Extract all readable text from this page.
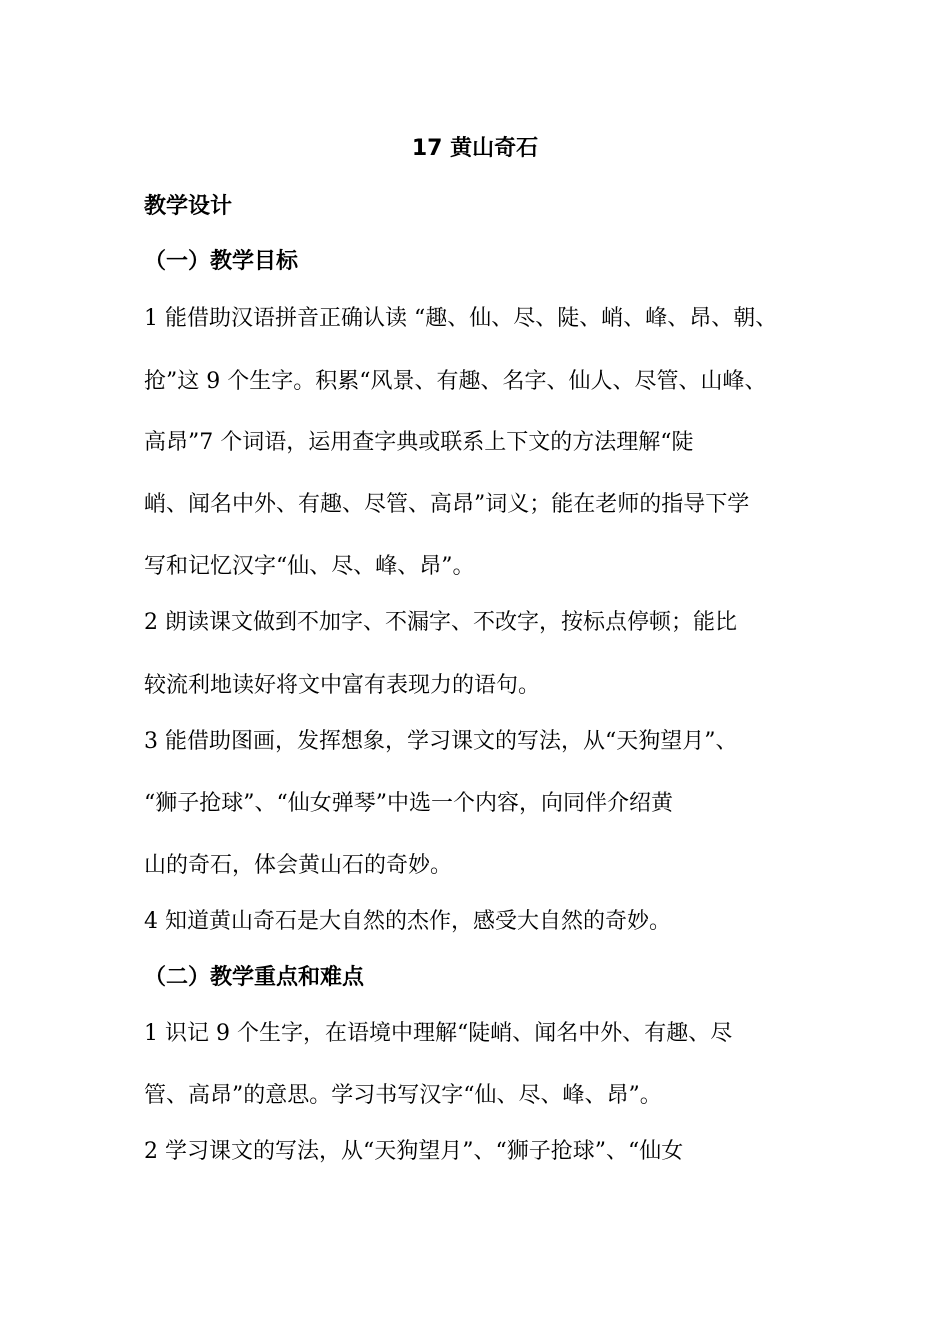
17 黄山奇石
教学设计
（一）教学目标
1 能借助汉语拼音正确认读 “趣、仙、尽、陡、峭、峰、昂、朝、
抢”这 9 个生字。积累“风景、有趣、名字、仙人、尽管、山峰、
高昂”7 个词语，运用查字典或联系上下文的方法理解“陡
峭、闻名中外、有趣、尽管、高昂”词义；能在老师的指导下学
写和记忆汉字“仙、尽、峰、昂”。
2 朗读课文做到不加字、不漏字、不改字，按标点停顿；能比
较流利地读好将文中富有表现力的语句。
3 能借助图画，发挥想象，学习课文的写法，从“天狗望月”、
“狮子抢球”、“仙女弹琴”中选一个内容，向同伴介绍黄
山的奇石，体会黄山石的奇妙。
4 知道黄山奇石是大自然的杰作，感受大自然的奇妙。
（二）教学重点和难点
1 识记 9 个生字，在语境中理解“陡峭、闻名中外、有趣、尽
管、高昂”的意思。学习书写汉字“仙、尽、峰、昂”。
2 学习课文的写法，从“天狗望月”、“狮子抢球”、“仙女
